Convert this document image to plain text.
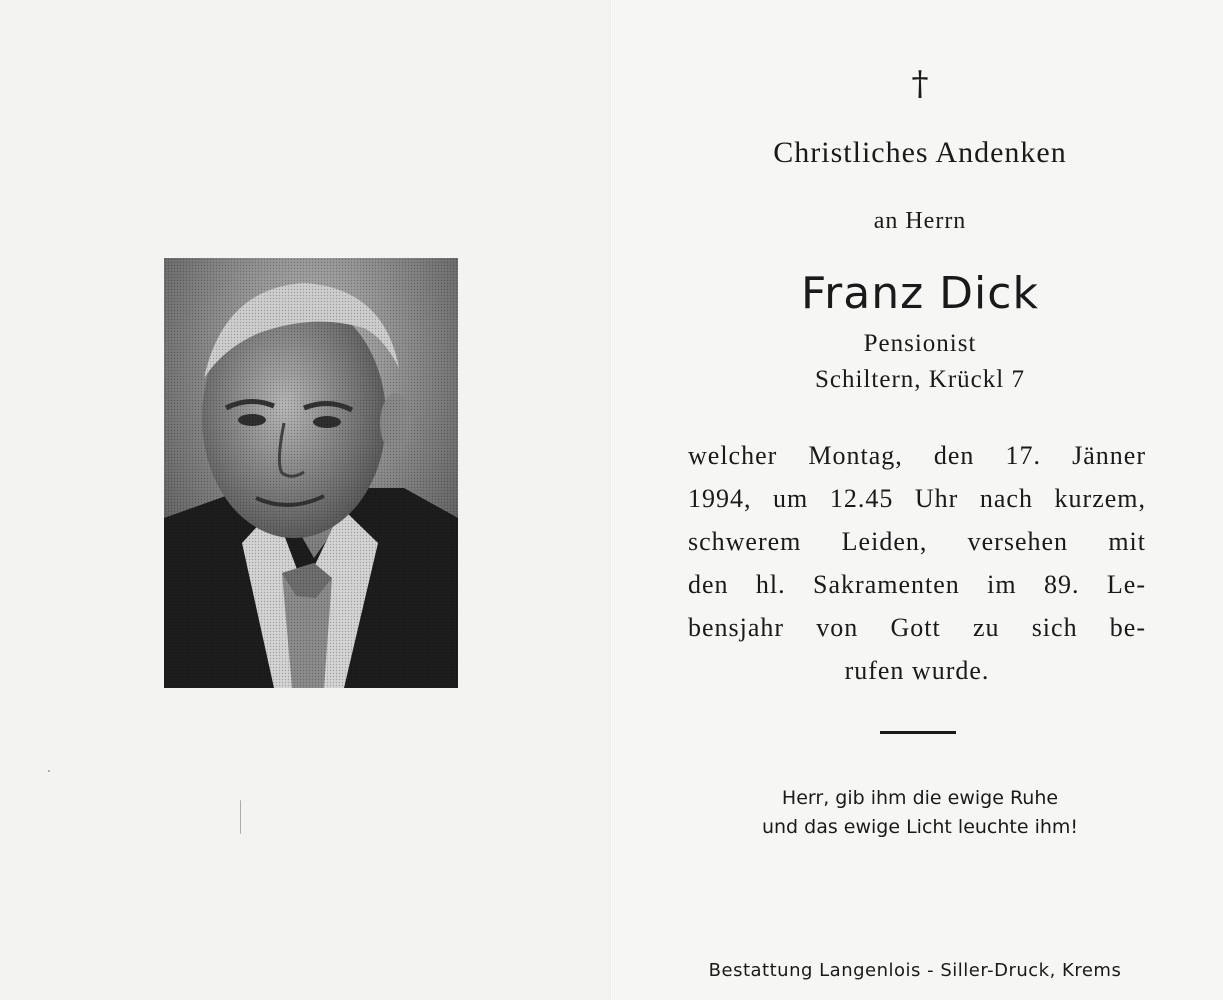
†
Christliches Andenken
an Herrn
Franz Dick
Pensionist
Schiltern, Krückl 7
welcher Montag, den 17. Jänner
1994, um 12.45 Uhr nach kurzem,
schwerem Leiden, versehen mit
den hl. Sakramenten im 89. Le-
bensjahr von Gott zu sich be-
rufen wurde.
Herr, gib ihm die ewige Ruhe
und das ewige Licht leuchte ihm!
Bestattung Langenlois - Siller-Druck, Krems
